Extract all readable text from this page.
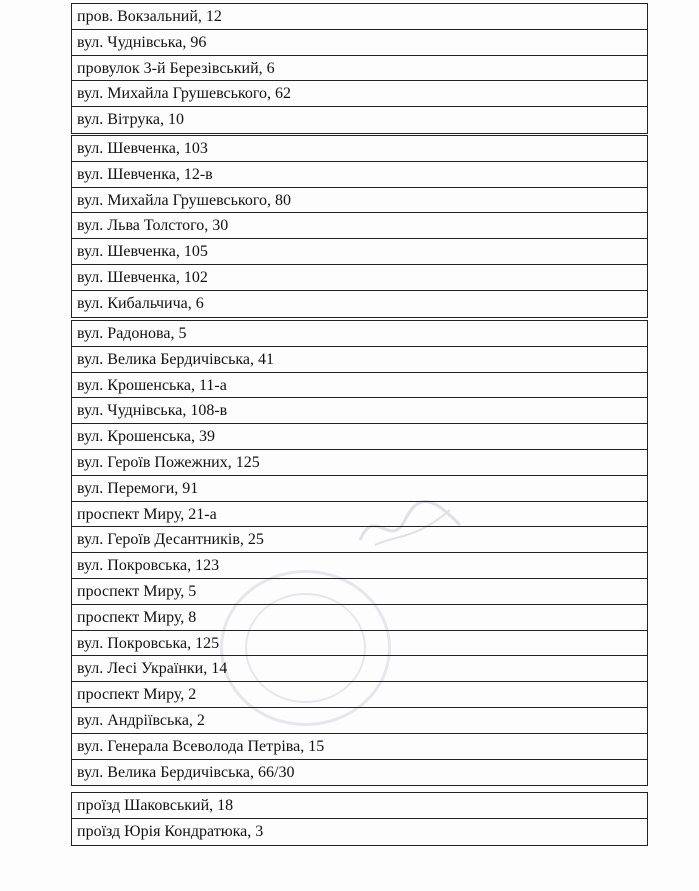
пров. Вокзальний, 12
вул. Чуднівська, 96
провулок 3-й Березівський, 6
вул. Михайла Грушевського, 62
вул. Вітрука, 10
вул. Шевченка, 103
вул. Шевченка, 12-в
вул. Михайла Грушевського, 80
вул. Льва Толстого, 30
вул. Шевченка, 105
вул. Шевченка, 102
вул. Кибальчича, 6
вул. Радонова, 5
вул. Велика Бердичівська, 41
вул. Крошенська, 11-а
вул. Чуднівська, 108-в
вул. Крошенська, 39
вул. Героїв Пожежних, 125
вул. Перемоги, 91
проспект Миру, 21-а
вул. Героїв Десантників, 25
вул. Покровська, 123
проспект Миру, 5
проспект Миру, 8
вул. Покровська, 125
вул. Лесі Українки, 14
проспект Миру, 2
вул. Андріївська, 2
вул. Генерала Всеволода Петріва, 15
вул. Велика Бердичівська, 66/30
проїзд Шаковський, 18
проїзд Юрія Кондратюка, 3
